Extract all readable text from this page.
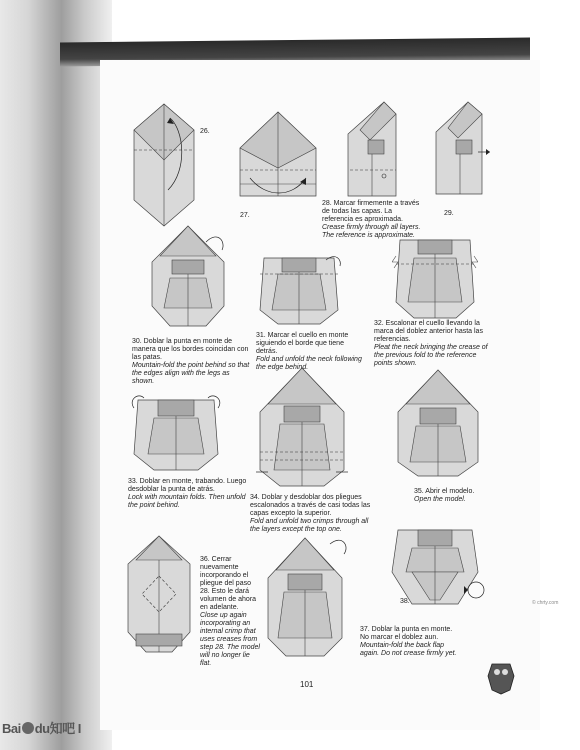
26.
27.
28. Marcar firmemente a través de todas las capas. La referencia es aproximada.
Crease firmly through all layers. The reference is approximate.
29.
30. Doblar la punta en monte de manera que los bordes coincidan con las patas.
Mountain-fold the point behind so that the edges align with the legs as shown.
31. Marcar el cuello en monte siguiendo el borde que tiene detrás.
Fold and unfold the neck following the edge behind.
32. Escalonar el cuello llevando la marca del doblez anterior hasta las referencias.
Pleat the neck bringing the crease of the previous fold to the reference points shown.
33. Doblar en monte, trabando. Luego desdoblar la punta de atrás.
Lock with mountain folds. Then unfold the point behind.
34. Doblar y desdoblar dos pliegues escalonados a través de casi todas las capas excepto la superior.
Fold and unfold two crimps through all the layers except the top one.
35. Abrir el modelo.
Open the model.
36. Cerrar nuevamente incorporando el pliegue del paso 28. Esto le dará volumen de ahora en adelante.
Close up again incorporating an internal crimp that uses creases from step 28. The model will no longer lie flat.
37. Doblar la punta en monte. No marcar el doblez aun.
Mountain-fold the back flap again. Do not crease firmly yet.
38.
101
© chrty.com
Bai du知吧 I
